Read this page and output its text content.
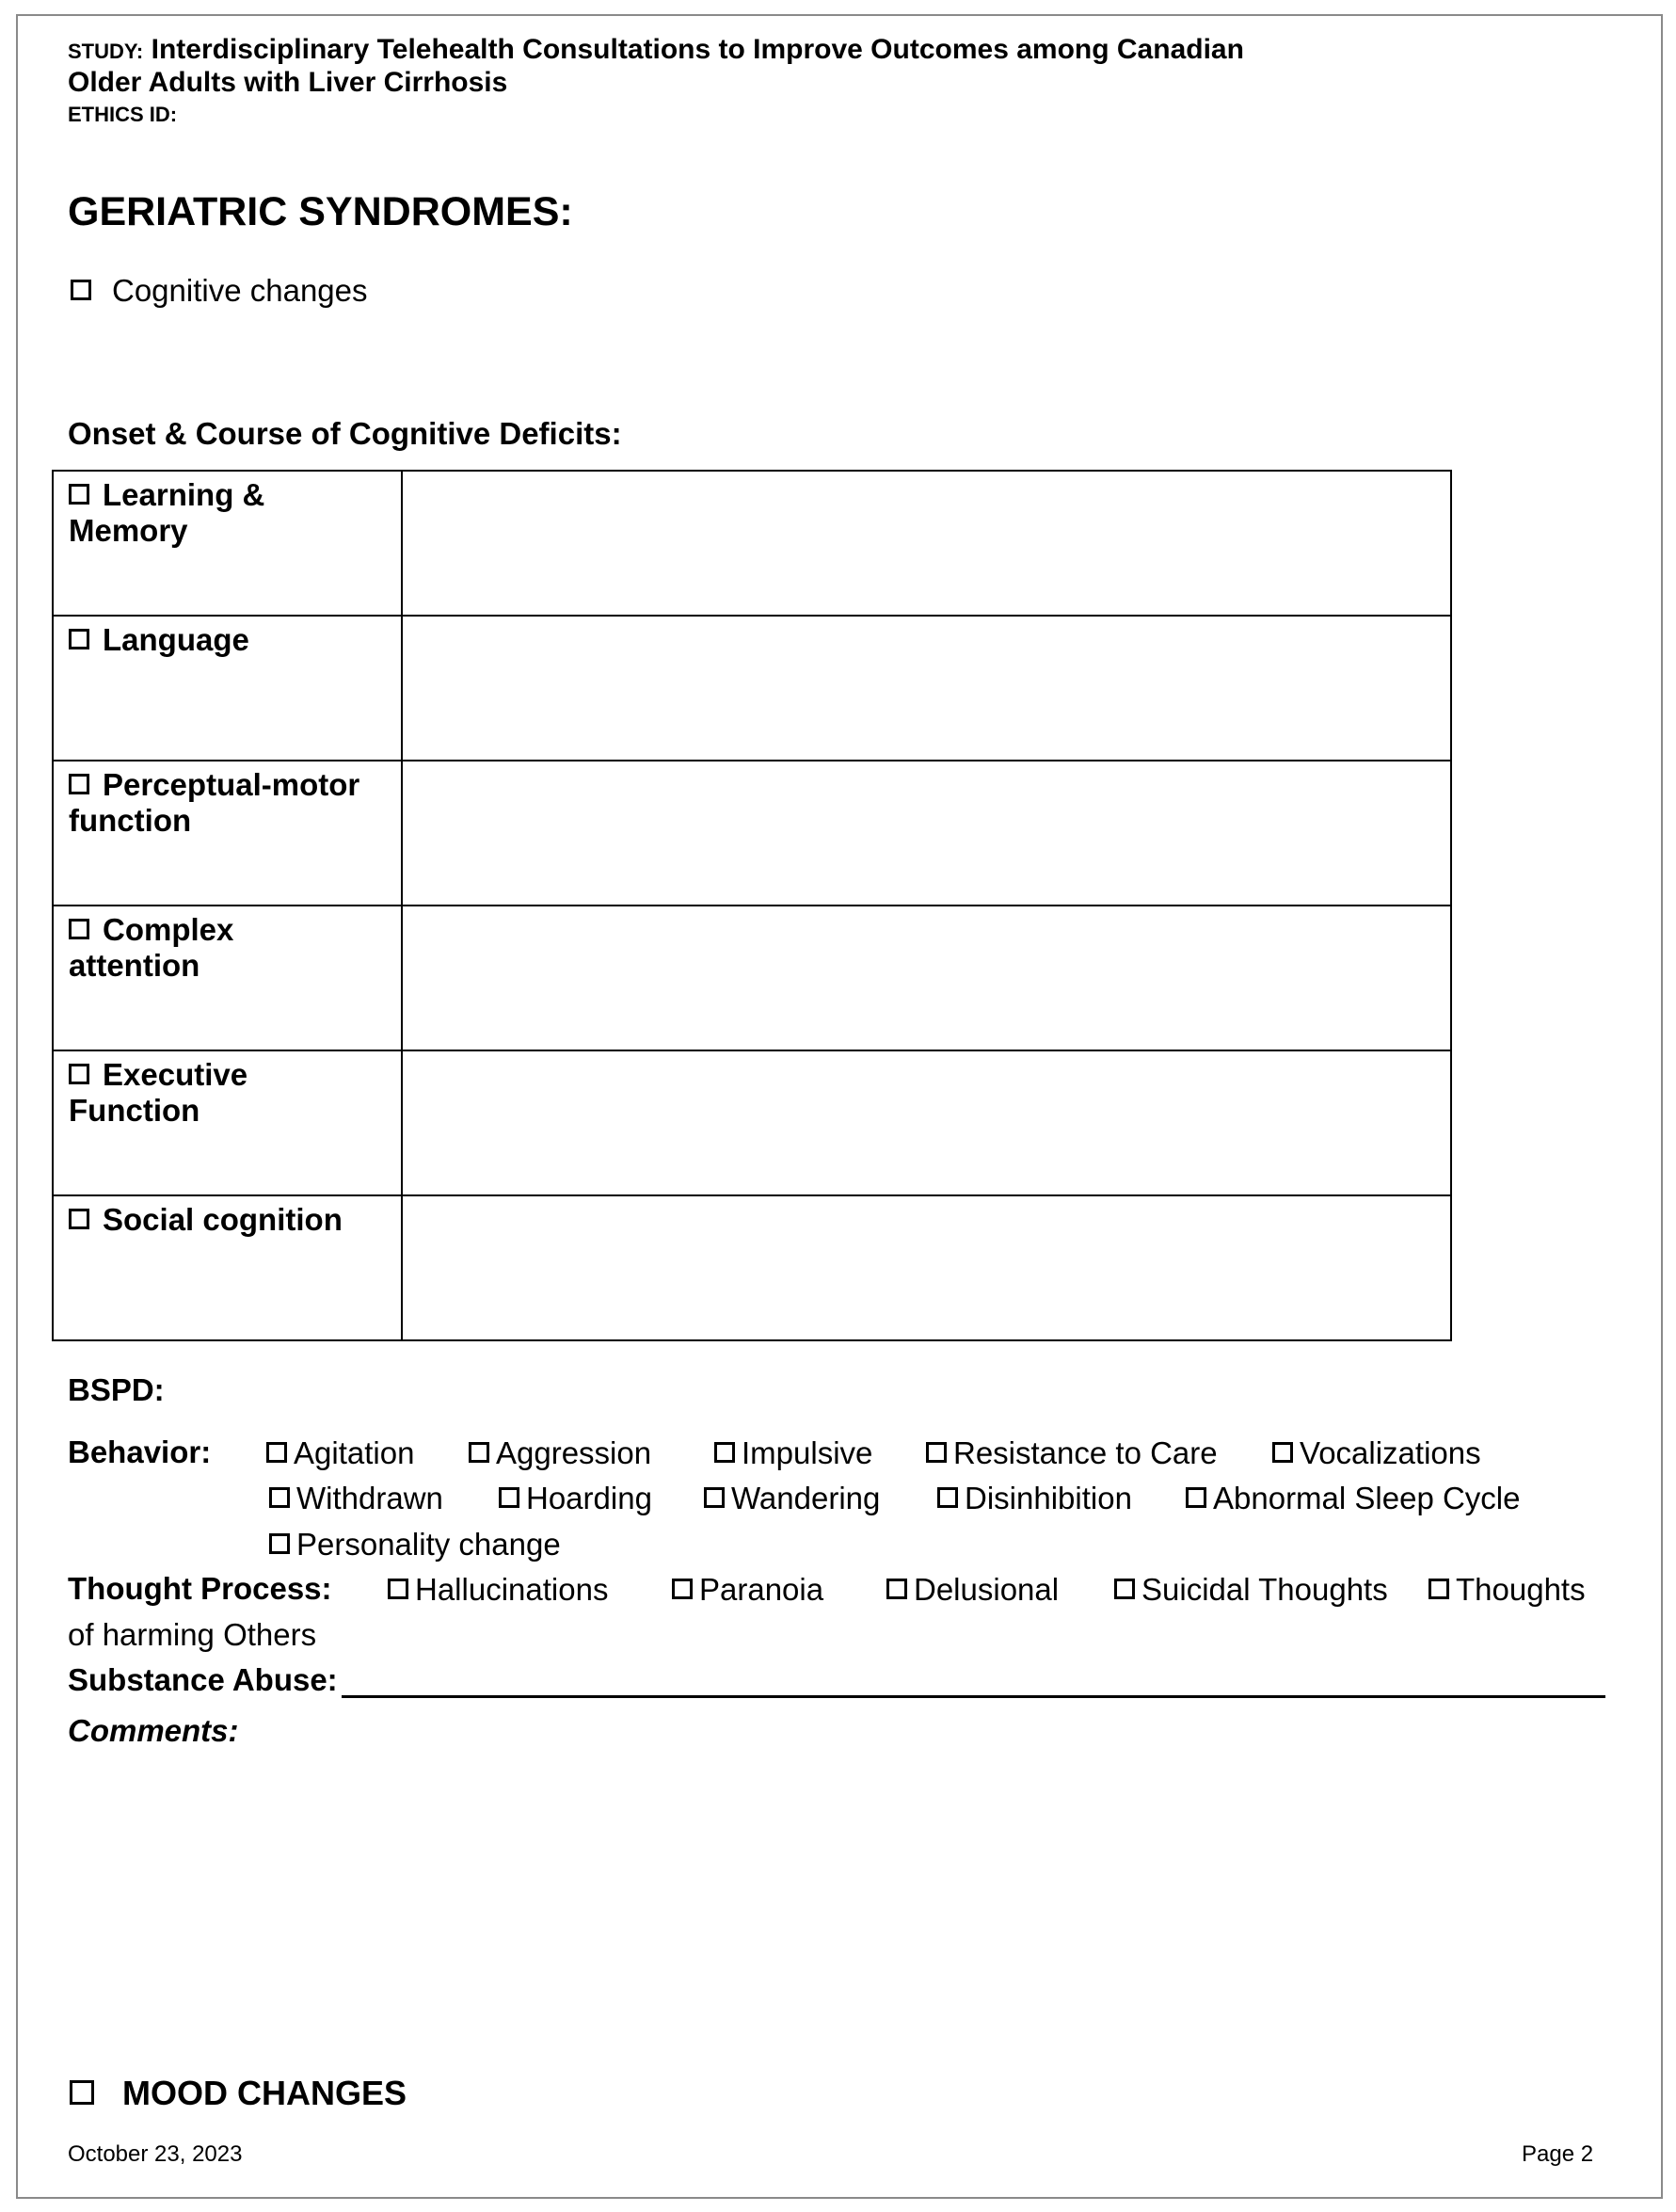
STUDY: Interdisciplinary Telehealth Consultations to Improve Outcomes among Canadian
Older Adults with Liver Cirrhosis
ETHICS ID:
GERIATRIC SYNDROMES:
Cognitive changes
Onset & Course of Cognitive Deficits:
Learning &
Memory	
Language	
Perceptual-motor
function	
Complex
attention	
Executive
Function	
Social cognition	
BSPD:
Behavior:	Agitation	Aggression	Impulsive	Resistance to Care	Vocalizations
Withdrawn	Hoarding	Wandering	Disinhibition	Abnormal Sleep Cycle
Personality change
Thought Process:	Hallucinations	Paranoia	Delusional	Suicidal Thoughts	Thoughts
of harming Others
Substance Abuse:
Comments:
MOOD CHANGES
October 23, 2023	Page 2
